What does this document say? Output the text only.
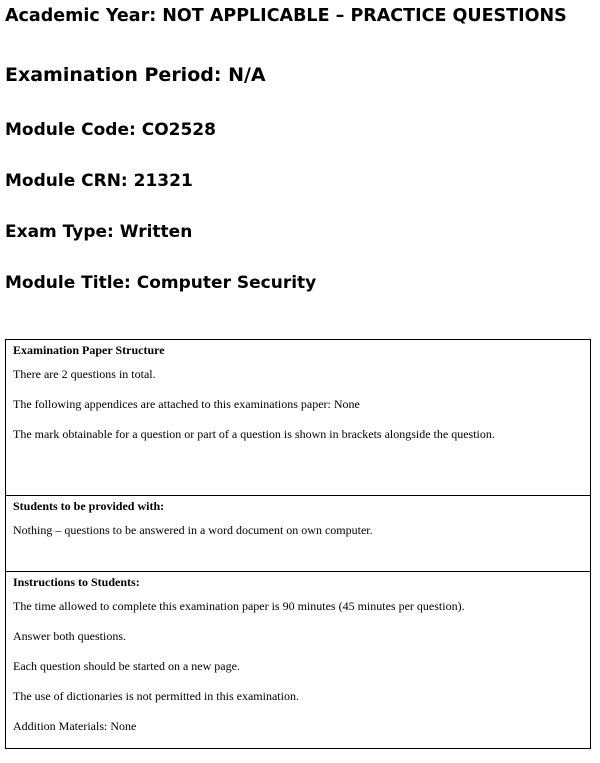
Academic Year: NOT APPLICABLE – PRACTICE QUESTIONS
Examination Period: N/A
Module Code: CO2528
Module CRN: 21321
Exam Type: Written
Module Title: Computer Security
Examination Paper Structure
There are 2 questions in total.
The following appendices are attached to this examinations paper: None
The mark obtainable for a question or part of a question is shown in brackets alongside the question.

Students to be provided with:
Nothing – questions to be answered in a word document on own computer.

Instructions to Students:
The time allowed to complete this examination paper is 90 minutes (45 minutes per question).
Answer both questions.
Each question should be started on a new page.
The use of dictionaries is not permitted in this examination.
Addition Materials: None
